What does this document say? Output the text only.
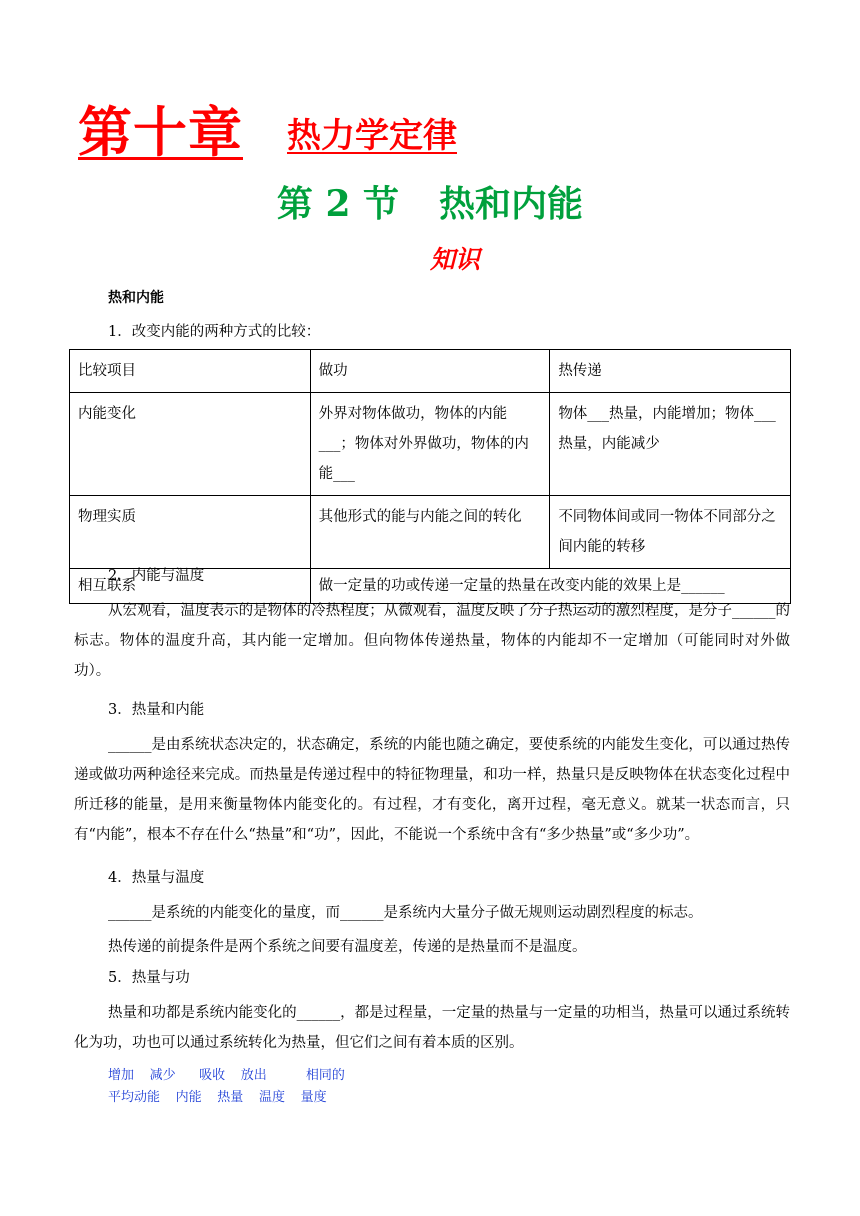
第十章 热力学定律
第 2 节 热和内能
知识
热和内能
1．改变内能的两种方式的比较：
比较项目	做功	热传递
内能变化	外界对物体做功，物体的内能___；物体对外界做功，物体的内能___	物体___热量，内能增加；物体___热量，内能减少
物理实质	其他形式的能与内能之间的转化	不同物体间或同一物体不同部分之间内能的转移
相互联系	做一定量的功或传递一定量的热量在改变内能的效果上是______	
2．内能与温度
从宏观看，温度表示的是物体的冷热程度；从微观看，温度反映了分子热运动的激烈程度，是分子______的标志。物体的温度升高，其内能一定增加。但向物体传递热量，物体的内能却不一定增加（可能同时对外做功）。
3．热量和内能
______是由系统状态决定的，状态确定，系统的内能也随之确定，要使系统的内能发生变化，可以通过热传递或做功两种途径来完成。而热量是传递过程中的特征物理量，和功一样，热量只是反映物体在状态变化过程中所迁移的能量，是用来衡量物体内能变化的。有过程，才有变化，离开过程，毫无意义。就某一状态而言，只有“内能”，根本不存在什么“热量”和“功”，因此，不能说一个系统中含有“多少热量”或“多少功”。
4．热量与温度
______是系统的内能变化的量度，而______是系统内大量分子做无规则运动剧烈程度的标志。
热传递的前提条件是两个系统之间要有温度差，传递的是热量而不是温度。
5．热量与功
热量和功都是系统内能变化的______，都是过程量，一定量的热量与一定量的功相当，热量可以通过系统转化为功，功也可以通过系统转化为热量，但它们之间有着本质的区别。
增加  减少   吸收  放出     相同的
平均动能  内能  热量  温度  量度
